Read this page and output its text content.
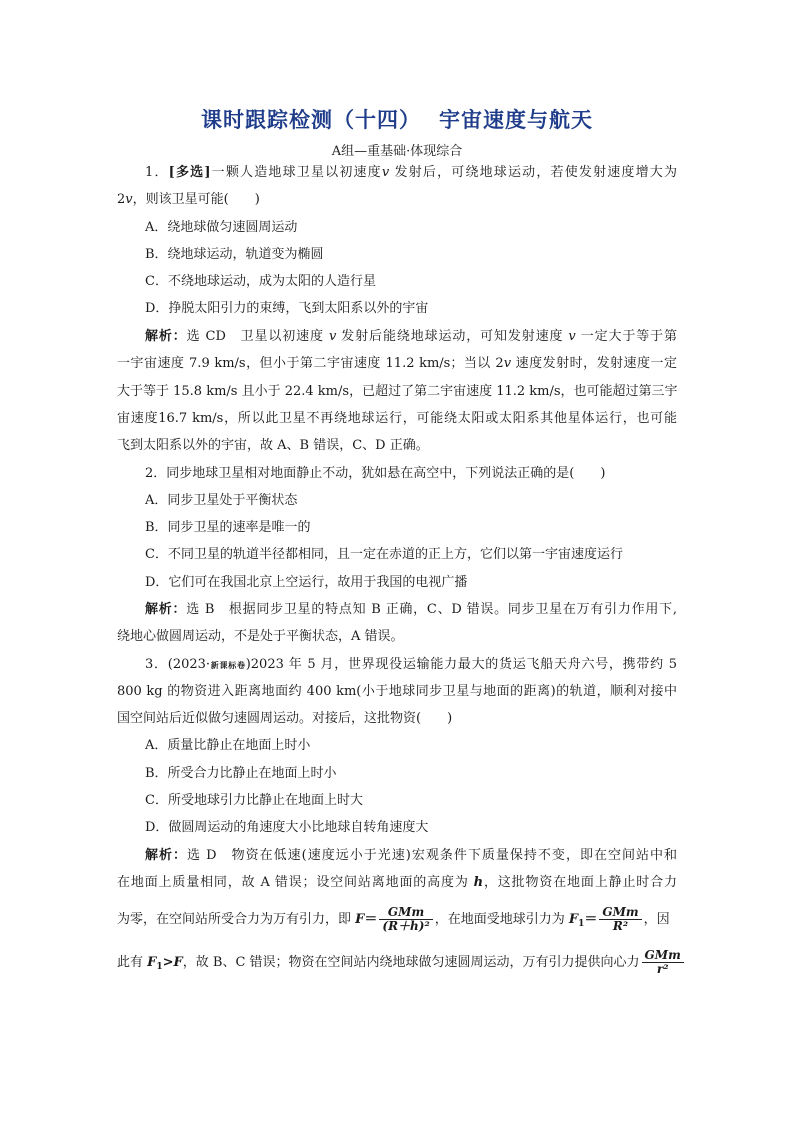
课时跟踪检测（十四） 宇宙速度与航天
A组—重基础·体现综合
1．[多选]一颗人造地球卫星以初速度v 发射后，可绕地球运动，若使发射速度增大为
2v，则该卫星可能(　　)
A．绕地球做匀速圆周运动
B．绕地球运动，轨道变为椭圆
C．不绕地球运动，成为太阳的人造行星
D．挣脱太阳引力的束缚，飞到太阳系以外的宇宙
解析：选 CD　卫星以初速度 v 发射后能绕地球运动，可知发射速度 v 一定大于等于第
一宇宙速度 7.9 km/s，但小于第二宇宙速度 11.2 km/s；当以 2v 速度发射时，发射速度一定
大于等于 15.8 km/s 且小于 22.4 km/s，已超过了第二宇宙速度 11.2 km/s，也可能超过第三宇
宙速度16.7 km/s，所以此卫星不再绕地球运行，可能绕太阳或太阳系其他星体运行，也可能
飞到太阳系以外的宇宙，故 A、B 错误，C、D 正确。
2．同步地球卫星相对地面静止不动，犹如悬在高空中，下列说法正确的是(　　)
A．同步卫星处于平衡状态
B．同步卫星的速率是唯一的
C．不同卫星的轨道半径都相同，且一定在赤道的正上方，它们以第一宇宙速度运行
D．它们可在我国北京上空运行，故用于我国的电视广播
解析：选 B　根据同步卫星的特点知 B 正确，C、D 错误。同步卫星在万有引力作用下,
绕地心做圆周运动，不是处于平衡状态，A 错误。
3．(2023·新课标卷)2023 年 5 月，世界现役运输能力最大的货运飞船天舟六号，携带约 5
800 kg 的物资进入距离地面约 400 km(小于地球同步卫星与地面的距离)的轨道，顺利对接中
国空间站后近似做匀速圆周运动。对接后，这批物资(　　)
A．质量比静止在地面上时小
B．所受合力比静止在地面上时小
C．所受地球引力比静止在地面上时大
D．做圆周运动的角速度大小比地球自转角速度大
解析：选 D　物资在低速(速度远小于光速)宏观条件下质量保持不变，即在空间站中和
在地面上质量相同，故 A 错误；设空间站离地面的高度为 h，这批物资在地面上静止时合力
为零，在空间站所受合力为万有引力，即 $F= \frac{\text{GMm}}{\text{(R＋h)²}}$ ，在地面受地球引力为 $F_1= \frac{\text{GMm}}{\text{R²}}$ ，因
此有 $F_1>F$，故 B、C 错误；物资在空间站内绕地球做匀速圆周运动，万有引力提供向心力 $\frac{\text{GMm}}{\text{r²}}$
